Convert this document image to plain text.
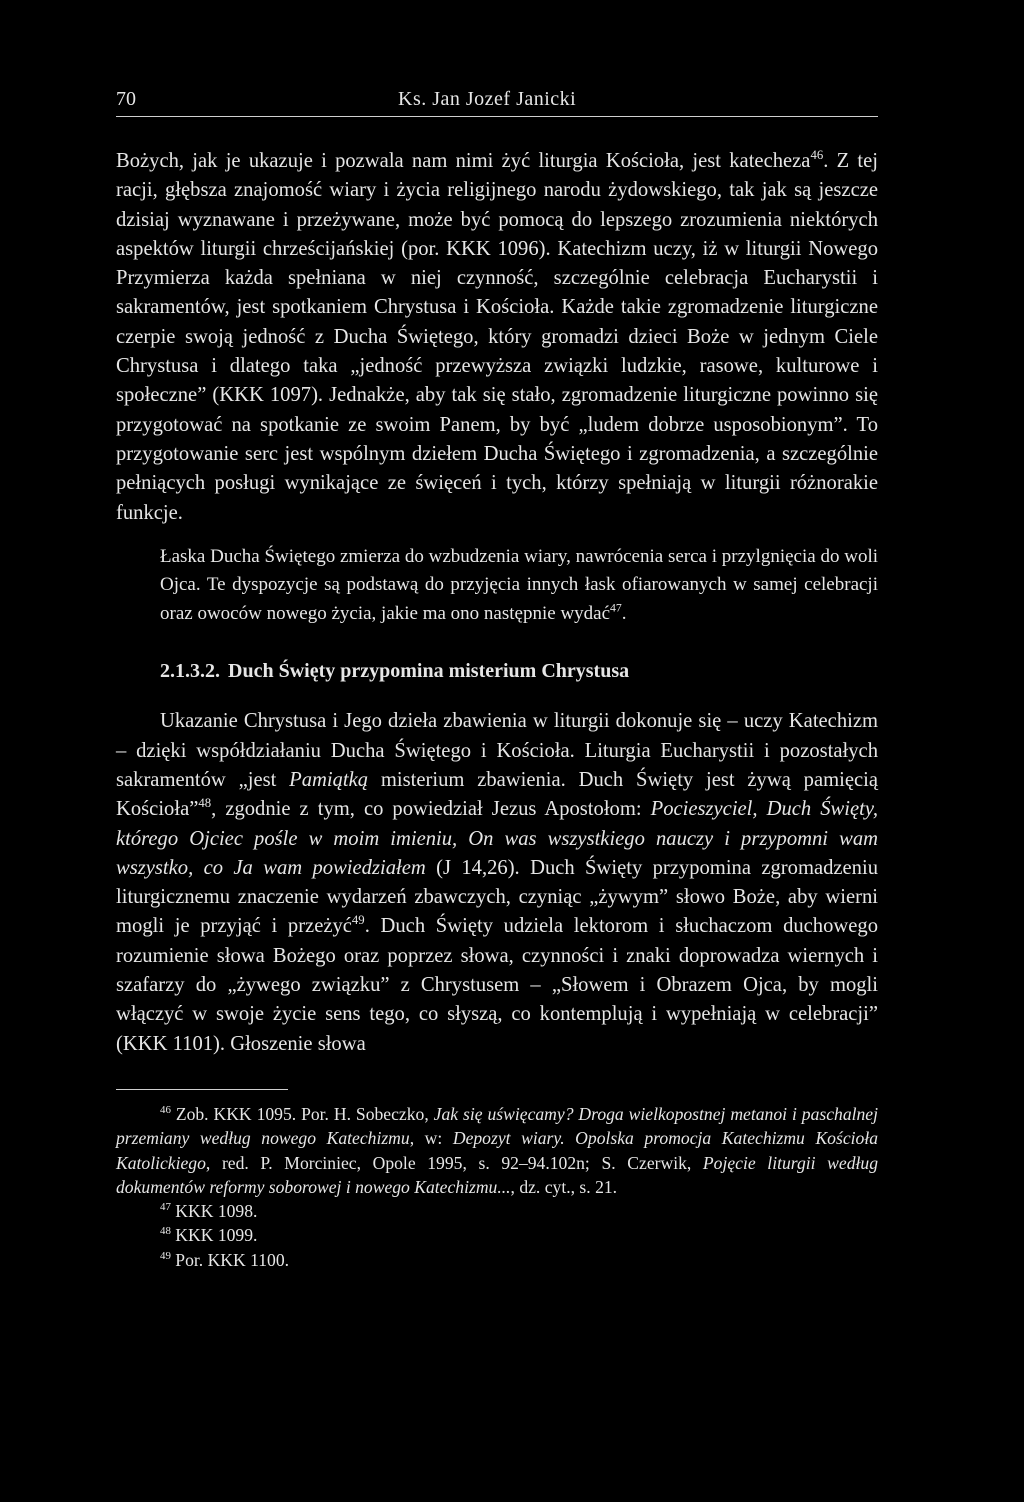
70	Ks. Jan Jozef Janicki

Bożych, jak je ukazuje i pozwala nam nimi żyć liturgia Kościoła, jest katecheza$^{46}$. Z tej racji, głębsza znajomość wiary i życia religijnego narodu żydowskiego, tak jak są jeszcze dzisiaj wyznawane i przeżywane, może być pomocą do lepszego zrozumienia niektórych aspektów liturgii chrześcijańskiej (por. KKK 1096). Katechizm uczy, iż w liturgii Nowego Przymierza każda spełniana w niej czynność, szczególnie celebracja Eucharystii i sakramentów, jest spotkaniem Chrystusa i Kościoła. Każde takie zgromadzenie liturgiczne czerpie swoją jedność z Ducha Świętego, który gromadzi dzieci Boże w jednym Ciele Chrystusa i dlatego taka „jedność przewyższa związki ludzkie, rasowe, kulturowe i społeczne” (KKK 1097). Jednakże, aby tak się stało, zgromadzenie liturgiczne powinno się przygotować na spotkanie ze swoim Panem, by być „ludem dobrze usposobionym”. To przygotowanie serc jest wspólnym dziełem Ducha Świętego i zgromadzenia, a szczególnie pełniących posługi wynikające ze święceń i tych, którzy spełniają w liturgii różnorakie funkcje.

Łaska Ducha Świętego zmierza do wzbudzenia wiary, nawrócenia serca i przylgnięcia do woli Ojca. Te dyspozycje są podstawą do przyjęcia innych łask ofiarowanych w samej celebracji oraz owoców nowego życia, jakie ma ono następnie wydać$^{47}$.

2.1.3.2. Duch Święty przypomina misterium Chrystusa

Ukazanie Chrystusa i Jego dzieła zbawienia w liturgii dokonuje się – uczy Katechizm – dzięki współdziałaniu Ducha Świętego i Kościoła. Liturgia Eucharystii i pozostałych sakramentów „jest Pamiątką misterium zbawienia. Duch Święty jest żywą pamięcią Kościoła”$^{48}$, zgodnie z tym, co powiedział Jezus Apostołom: Pocieszyciel, Duch Święty, którego Ojciec pośle w moim imieniu, On was wszystkiego nauczy i przypomni wam wszystko, co Ja wam powiedziałem (J 14,26). Duch Święty przypomina zgromadzeniu liturgicznemu znaczenie wydarzeń zbawczych, czyniąc „żywym” słowo Boże, aby wierni mogli je przyjąć i przeżyć$^{49}$. Duch Święty udziela lektorom i słuchaczom duchowego rozumienie słowa Bożego oraz poprzez słowa, czynności i znaki doprowadza wiernych i szafarzy do „żywego związku” z Chrystusem – „Słowem i Obrazem Ojca, by mogli włączyć w swoje życie sens tego, co słyszą, co kontemplują i wypełniają w celebracji” (KKK 1101). Głoszenie słowa

$^{46}$ Zob. KKK 1095. Por. H. Sobeczko, Jak się uświęcamy? Droga wielkopostnej metanoi i paschalnej przemiany według nowego Katechizmu, w: Depozyt wiary. Opolska promocja Katechizmu Kościoła Katolickiego, red. P. Morciniec, Opole 1995, s. 92–94.102n; S. Czerwik, Pojęcie liturgii według dokumentów reformy soborowej i nowego Katechizmu..., dz. cyt., s. 21.
$^{47}$ KKK 1098.
$^{48}$ KKK 1099.
$^{49}$ Por. KKK 1100.
